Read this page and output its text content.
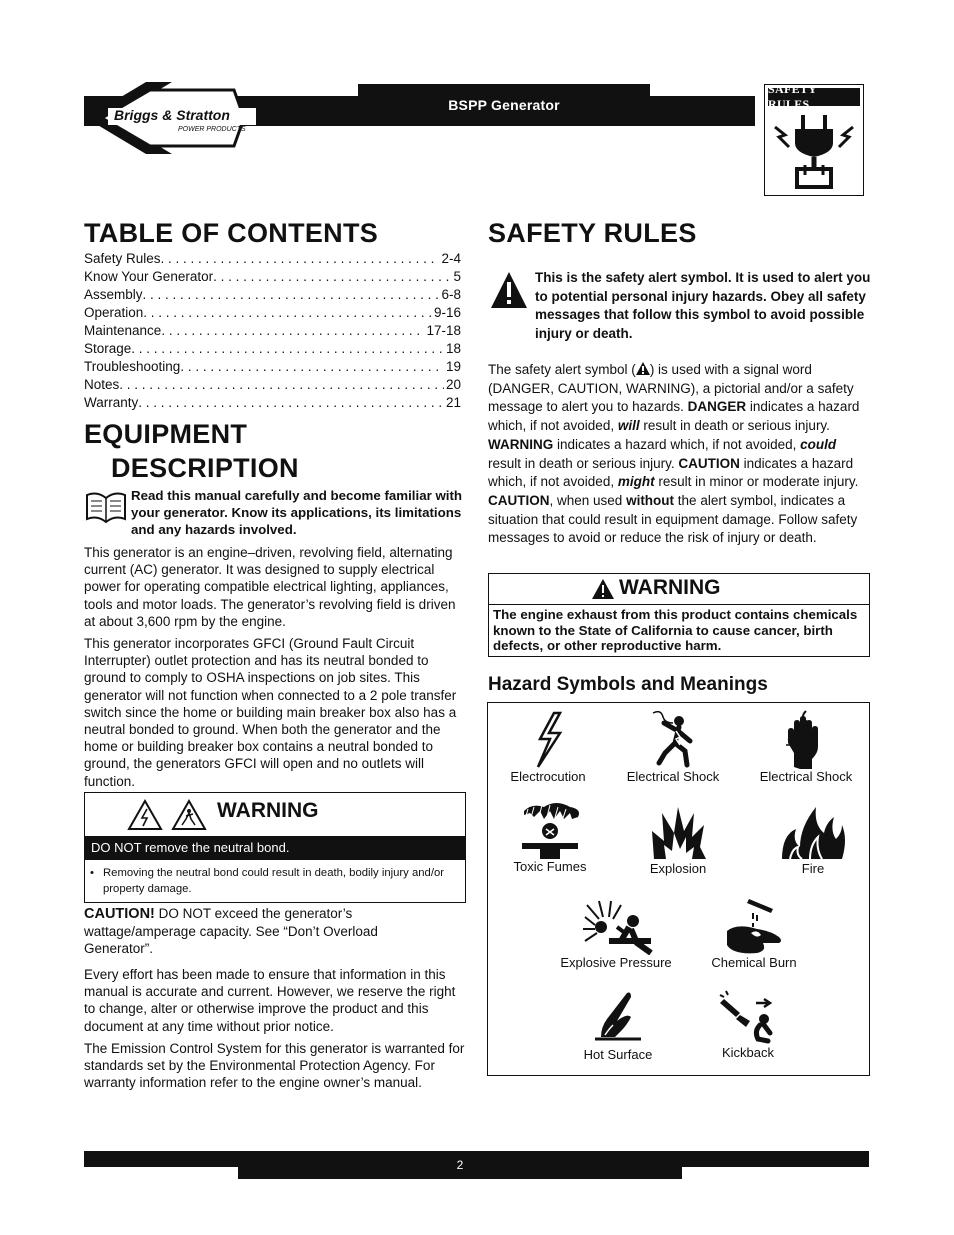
BSPP Generator
Briggs & Stratton
POWER PRODUCTS
SAFETY RULES
TABLE OF CONTENTS
Safety Rules . . .	2-4
Know Your Generator . . .	5
Assembly . . .	6-8
Operation . . .	9-16
Maintenance . . .	17-18
Storage . . .	18
Troubleshooting . . .	19
Notes . . .	20
Warranty . . .	21
EQUIPMENT
DESCRIPTION

Read this manual carefully and become familiar with your generator. Know its applications, its limitations and any hazards involved.

This generator is an engine–driven, revolving field, alternating current (AC) generator. It was designed to supply electrical power for operating compatible electrical lighting, appliances, tools and motor loads. The generator’s revolving field is driven at about 3,600 rpm by the engine.

This generator incorporates GFCI (Ground Fault Circuit Interrupter) outlet protection and has its neutral bonded to ground to comply to OSHA inspections on job sites. This generator will not function when connected to a 2 pole transfer switch since the home or building main breaker box also has a neutral bonded to ground. When both the generator and the home or building breaker box contains a neutral bonded to ground, the generators GFCI will open and no outlets will function.

WARNING
DO NOT remove the neutral bond.
• Removing the neutral bond could result in death, bodily injury and/or property damage.

CAUTION! DO NOT exceed the generator’s wattage/amperage capacity. See “Don’t Overload Generator”.

Every effort has been made to ensure that information in this manual is accurate and current. However, we reserve the right to change, alter or otherwise improve the product and this document at any time without prior notice.

The Emission Control System for this generator is warranted for standards set by the Environmental Protection Agency. For warranty information refer to the engine owner’s manual.

SAFETY RULES

This is the safety alert symbol. It is used to alert you to potential personal injury hazards. Obey all safety messages that follow this symbol to avoid possible injury or death.

The safety alert symbol ( ) is used with a signal word (DANGER, CAUTION, WARNING), a pictorial and/or a safety message to alert you to hazards. DANGER indicates a hazard which, if not avoided, will result in death or serious injury. WARNING indicates a hazard which, if not avoided, could result in death or serious injury. CAUTION indicates a hazard which, if not avoided, might result in minor or moderate injury. CAUTION, when used without the alert symbol, indicates a situation that could result in equipment damage. Follow safety messages to avoid or reduce the risk of injury or death.

WARNING
The engine exhaust from this product contains chemicals known to the State of California to cause cancer, birth defects, or other reproductive harm.
Hazard Symbols and Meanings
Electrocution	Electrical Shock	Electrical Shock
Toxic Fumes	Explosion	Fire
Explosive Pressure	Chemical Burn
Hot Surface	Kickback
2
